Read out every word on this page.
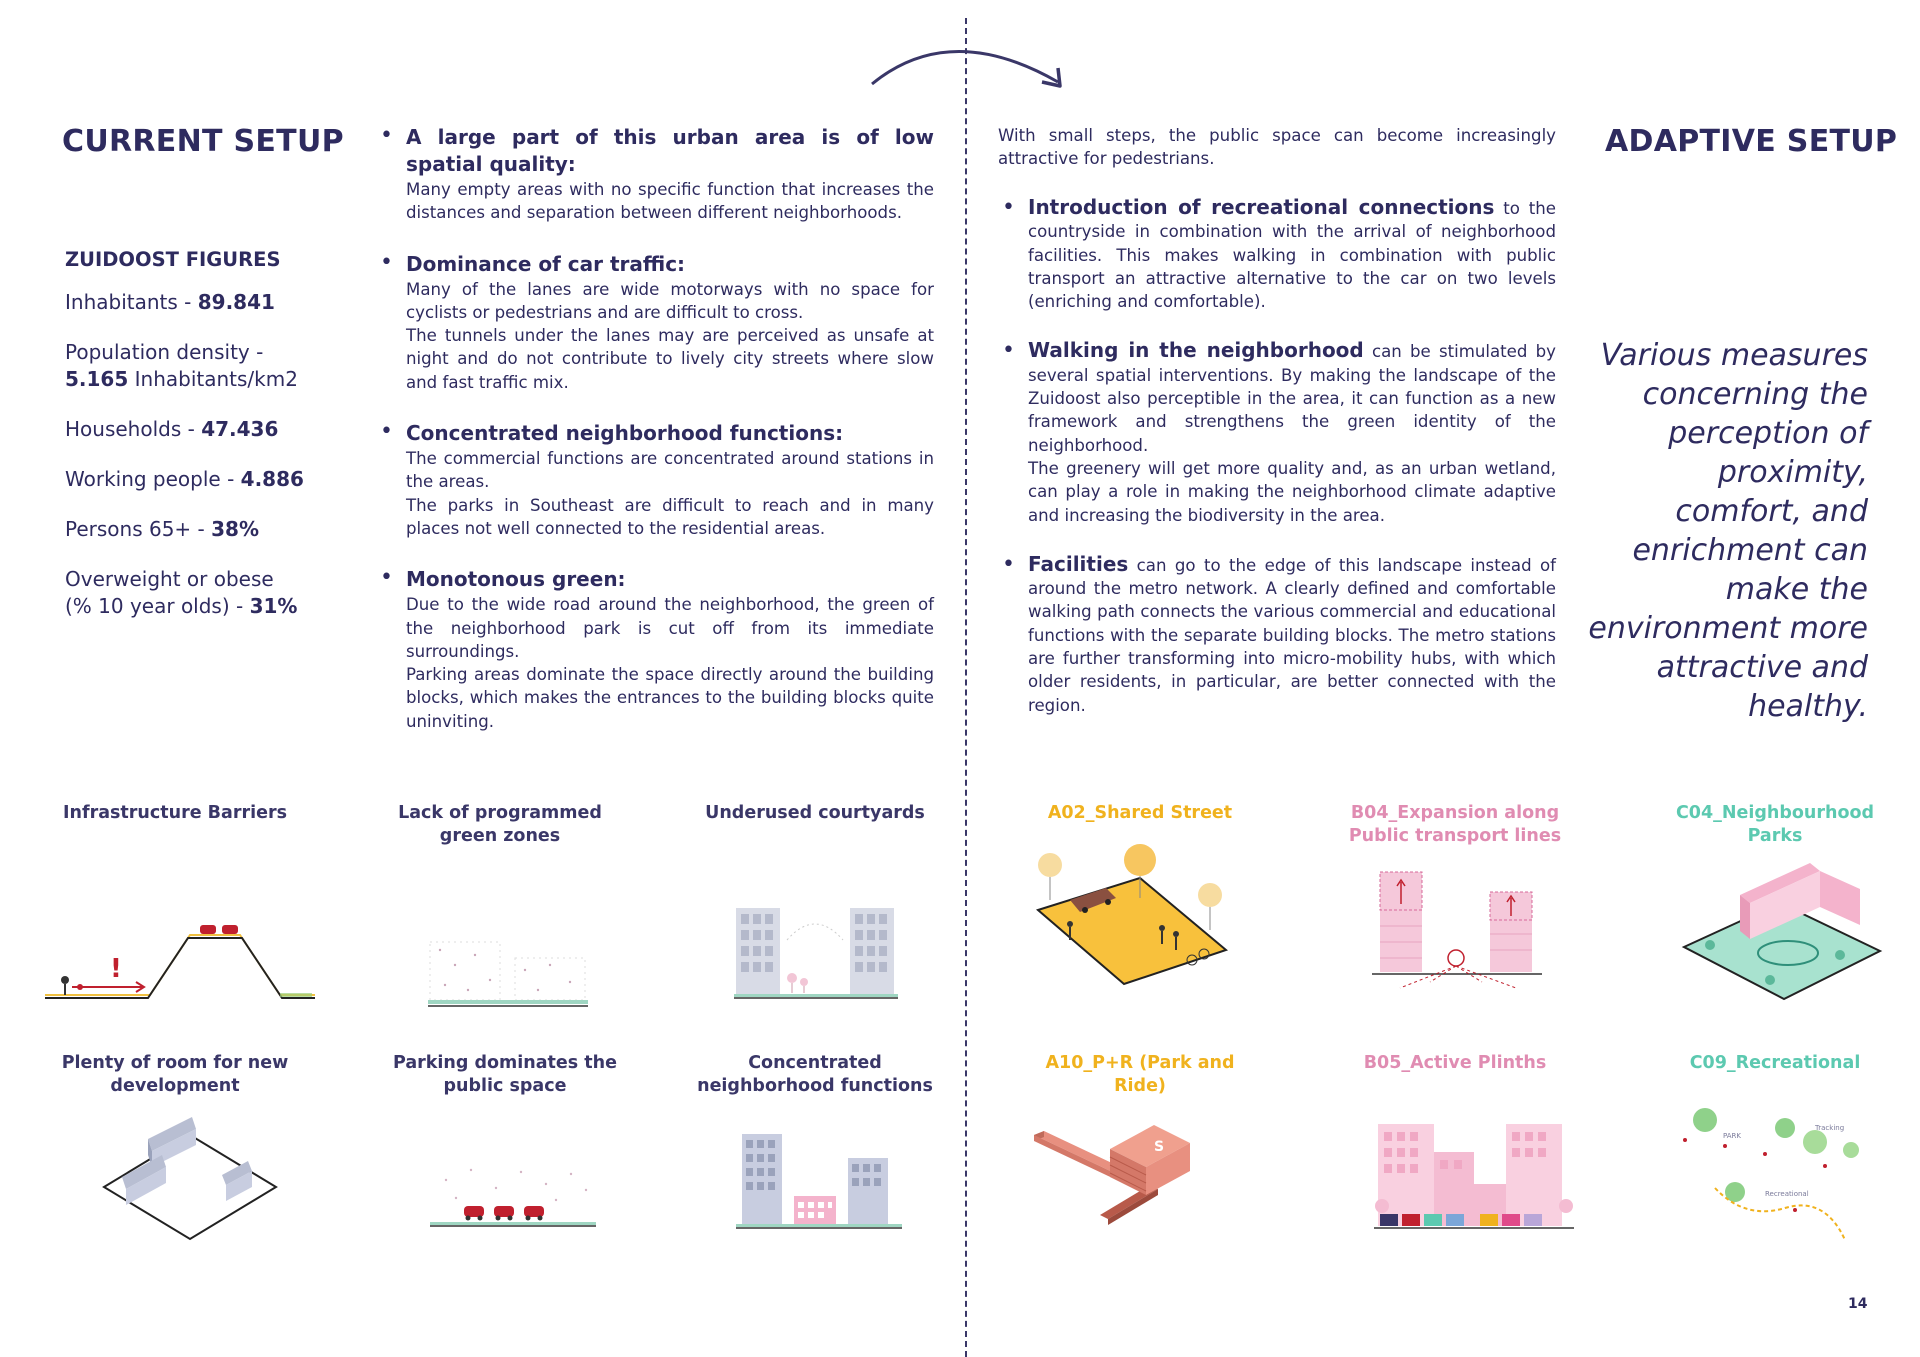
CURRENT SETUP
ZUIDOOST FIGURES
Inhabitants - 89.841
Population density -
5.165 Inhabitants/km2
Households - 47.436
Working people - 4.886
Persons 65+ - 38%
Overweight or obese
(% 10 year olds) - 31%
• A large part of this urban area is of low spatial quality:
Many empty areas with no specific function that increases the distances and separation between different neighborhoods.
• Dominance of car traffic:
Many of the lanes are wide motorways with no space for cyclists or pedestrians and are difficult to cross.
The tunnels under the lanes may are perceived as unsafe at night and do not contribute to lively city streets where slow and fast traffic mix.
• Concentrated neighborhood functions:
The commercial functions are concentrated around stations in the areas.
The parks in Southeast are difficult to reach and in many places not well connected to the residential areas.
• Monotonous green:
Due to the wide road around the neighborhood, the green of the neighborhood park is cut off from its immediate surroundings.
Parking areas dominate the space directly around the building blocks, which makes the entrances to the building blocks quite uninviting.
ADAPTIVE SETUP
With small steps, the public space can become increasingly attractive for pedestrians.
• Introduction of recreational connections to the countryside in combination with the arrival of neighborhood facilities. This makes walking in combination with public transport an attractive alternative to the car on two levels (enriching and comfortable).
• Walking in the neighborhood can be stimulated by several spatial interventions. By making the landscape of the Zuidoost also perceptible in the area, it can function as a new framework and strengthens the green identity of the neighborhood.
The greenery will get more quality and, as an urban wetland, can play a role in making the neighborhood climate adaptive and increasing the biodiversity in the area.
• Facilities can go to the edge of this landscape instead of around the metro network. A clearly defined and comfortable walking path connects the various commercial and educational functions with the separate building blocks. The metro stations are further transforming into micro-mobility hubs, with which older residents, in particular, are better connected with the region.
Various measures concerning the perception of proximity, comfort, and enrichment can make the environment more attractive and healthy.
Infrastructure Barriers	Lack of programmed green zones
Underused courtyards
Plenty of room for new development
Parking dominates the public space
Concentrated neighborhood functions
A02_Shared Street	B04_Expansion along Public transport lines
C04_Neighbourhood Parks
A10_P+R (Park and Ride)
B05_Active Plinths	C09_Recreational
!
S
PARK
Tracking
Recreational
14
